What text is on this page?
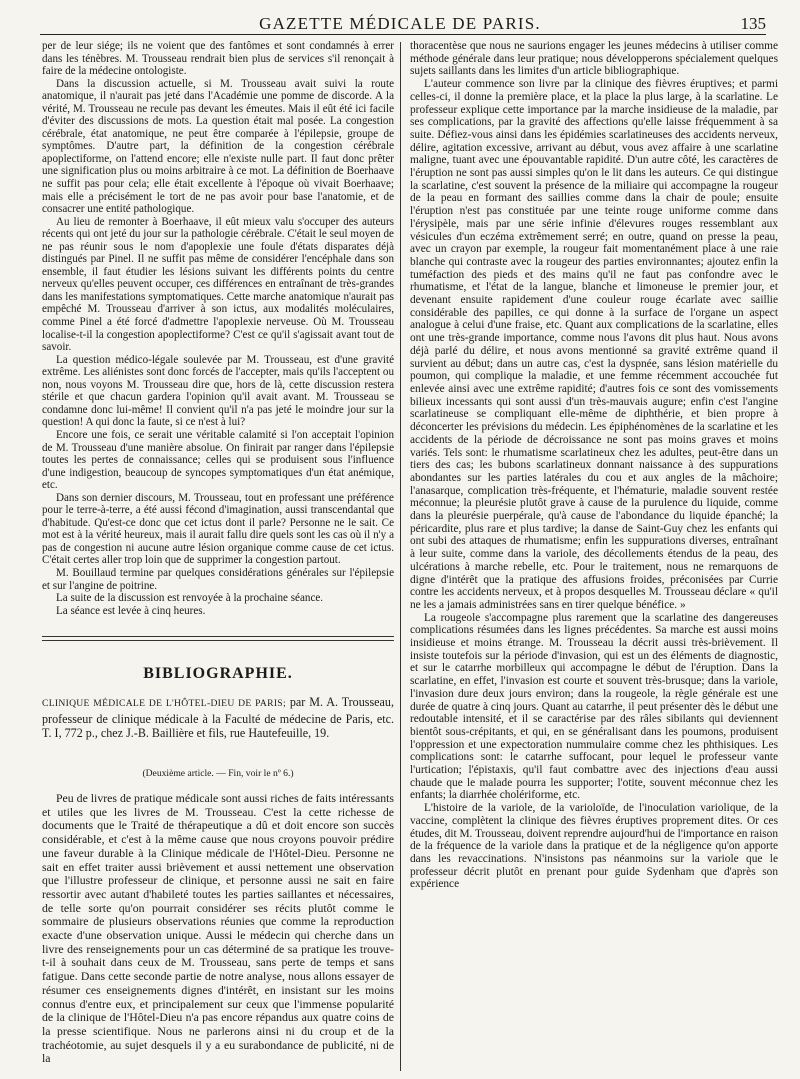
GAZETTE MÉDICALE DE PARIS.	135

per de leur siége; ils ne voient que des fantômes et sont condamnés à errer dans les ténèbres. M. Trousseau rendrait bien plus de services s'il renonçait à faire de la médecine ontologiste.

Dans la discussion actuelle, si M. Trousseau avait suivi la route anatomique, il n'aurait pas jeté dans l'Académie une pomme de discorde. A la vérité, M. Trousseau ne recule pas devant les émeutes. Mais il eût été ici facile d'éviter des discussions de mots. La question était mal posée. La congestion cérébrale, état anatomique, ne peut être comparée à l'épilepsie, groupe de symptômes. D'autre part, la définition de la congestion cérébrale apoplectiforme, on l'attend encore; elle n'existe nulle part. Il faut donc prêter une signification plus ou moins arbitraire à ce mot. La définition de Boerhaave ne suffit pas pour cela; elle était excellente à l'époque où vivait Boerhaave; mais elle a précisément le tort de ne pas avoir pour base l'anatomie, et de consacrer une entité pathologique.

Au lieu de remonter à Boerhaave, il eût mieux valu s'occuper des auteurs récents qui ont jeté du jour sur la pathologie cérébrale. C'était le seul moyen de ne pas réunir sous le nom d'apoplexie une foule d'états disparates déjà distingués par Pinel. Il ne suffit pas même de considérer l'encéphale dans son ensemble, il faut étudier les lésions suivant les différents points du centre nerveux qu'elles peuvent occuper, ces différences en entraînant de très-grandes dans les manifestations symptomatiques. Cette marche anatomique n'aurait pas empêché M. Trousseau d'arriver à son ictus, aux modalités moléculaires, comme Pinel a été forcé d'admettre l'apoplexie nerveuse. Où M. Trousseau localise-t-il la congestion apoplectiforme? C'est ce qu'il s'agissait avant tout de savoir.

La question médico-légale soulevée par M. Trousseau, est d'une gravité extrême. Les aliénistes sont donc forcés de l'accepter, mais qu'ils l'acceptent ou non, nous voyons M. Trousseau dire que, hors de là, cette discussion restera stérile et que chacun gardera l'opinion qu'il avait avant. M. Trousseau se condamne donc lui-même! Il convient qu'il n'a pas jeté le moindre jour sur la question! A qui donc la faute, si ce n'est à lui?

Encore une fois, ce serait une véritable calamité si l'on acceptait l'opinion de M. Trousseau d'une manière absolue. On finirait par ranger dans l'épilepsie toutes les pertes de connaissance; celles qui se produisent sous l'influence d'une indigestion, beaucoup de syncopes symptomatiques d'un état anémique, etc.

Dans son dernier discours, M. Trousseau, tout en professant une préférence pour le terre-à-terre, a été aussi fécond d'imagination, aussi transcendantal que d'habitude. Qu'est-ce donc que cet ictus dont il parle? Personne ne le sait. Ce mot est à la vérité heureux, mais il aurait fallu dire quels sont les cas où il n'y a pas de congestion ni aucune autre lésion organique comme cause de cet ictus. C'était certes aller trop loin que de supprimer la congestion partout.

M. Bouillaud termine par quelques considérations générales sur l'épilepsie et sur l'angine de poitrine.

La suite de la discussion est renvoyée à la prochaine séance.

La séance est levée à cinq heures.

BIBLIOGRAPHIE.
CLINIQUE MÉDICALE DE L'HÔTEL-DIEU DE PARIS; par M. A. Trousseau, professeur de clinique médicale à la Faculté de médecine de Paris, etc. T. I, 772 p., chez J.-B. Baillière et fils, rue Hautefeuille, 19.
(Deuxième article. — Fin, voir le nº 6.)

Peu de livres de pratique médicale sont aussi riches de faits intéressants et utiles que les livres de M. Trousseau. C'est la cette richesse de documents que le Traité de thérapeutique a dû et doit encore son succès considérable, et c'est à la même cause que nous croyons pouvoir prédire une faveur durable à la Clinique médicale de l'Hôtel-Dieu. Personne ne sait en effet traiter aussi brièvement et aussi nettement une observation que l'illustre professeur de clinique, et personne aussi ne sait en faire ressortir avec autant d'habileté toutes les parties saillantes et nécessaires, de telle sorte qu'on pourrait considérer ses récits plutôt comme le sommaire de plusieurs observations réunies que comme la reproduction exacte d'une observation unique. Aussi le médecin qui cherche dans un livre des renseignements pour un cas déterminé de sa pratique les trouve-t-il à souhait dans ceux de M. Trousseau, sans perte de temps et sans fatigue. Dans cette seconde partie de notre analyse, nous allons essayer de résumer ces enseignements dignes d'intérêt, en insistant sur les moins connus d'entre eux, et principalement sur ceux que l'immense popularité de la clinique de l'Hôtel-Dieu n'a pas encore répandus aux quatre coins de la presse scientifique. Nous ne parlerons ainsi ni du croup et de la trachéotomie, au sujet desquels il y a eu surabondance de publicité, ni de la

thoracentèse que nous ne saurions engager les jeunes médecins à utiliser comme méthode générale dans leur pratique; nous développerons spécialement quelques sujets saillants dans les limites d'un article bibliographique.

L'auteur commence son livre par la clinique des fièvres éruptives; et parmi celles-ci, il donne la première place, et la place la plus large, à la scarlatine. Le professeur explique cette importance par la marche insidieuse de la maladie, par ses complications, par la gravité des affections qu'elle laisse fréquemment à sa suite. Défiez-vous ainsi dans les épidémies scarlatineuses des accidents nerveux, délire, agitation excessive, arrivant au début, vous avez affaire à une scarlatine maligne, tuant avec une épouvantable rapidité. D'un autre côté, les caractères de l'éruption ne sont pas aussi simples qu'on le lit dans les auteurs. Ce qui distingue la scarlatine, c'est souvent la présence de la miliaire qui accompagne la rougeur de la peau en formant des saillies comme dans la chair de poule; ensuite l'éruption n'est pas constituée par une teinte rouge uniforme comme dans l'érysipèle, mais par une série infinie d'élevures rouges ressemblant aux vésicules d'un eczéma extrêmement serré; en outre, quand on presse la peau, avec un crayon par exemple, la rougeur fait momentanément place à une raie blanche qui contraste avec la rougeur des parties environnantes; ajoutez enfin la tuméfaction des pieds et des mains qu'il ne faut pas confondre avec le rhumatisme, et l'état de la langue, blanche et limoneuse le premier jour, et devenant ensuite rapidement d'une couleur rouge écarlate avec saillie considérable des papilles, ce qui donne à la surface de l'organe un aspect analogue à celui d'une fraise, etc. Quant aux complications de la scarlatine, elles ont une très-grande importance, comme nous l'avons dit plus haut. Nous avons déjà parlé du délire, et nous avons mentionné sa gravité extrême quand il survient au début; dans un autre cas, c'est la dyspnée, sans lésion matérielle du poumon, qui complique la maladie, et une femme récemment accouchée fut enlevée ainsi avec une extrême rapidité; d'autres fois ce sont des vomissements bilieux incessants qui sont aussi d'un très-mauvais augure; enfin c'est l'angine scarlatineuse se compliquant elle-même de diphthérie, et bien propre à déconcerter les prévisions du médecin. Les épiphénomènes de la scarlatine et les accidents de la période de décroissance ne sont pas moins graves et moins variés. Tels sont: le rhumatisme scarlatineux chez les adultes, peut-être dans un tiers des cas; les bubons scarlatineux donnant naissance à des suppurations abondantes sur les parties latérales du cou et aux angles de la mâchoire; l'anasarque, complication très-fréquente, et l'hématurie, maladie souvent restée méconnue; la pleurésie plutôt grave à cause de la purulence du liquide, comme dans la pleurésie puerpérale, qu'à cause de l'abondance du liquide épanché; la péricardite, plus rare et plus tardive; la danse de Saint-Guy chez les enfants qui ont subi des attaques de rhumatisme; enfin les suppurations diverses, entraînant à leur suite, comme dans la variole, des décollements étendus de la peau, des ulcérations à marche rebelle, etc. Pour le traitement, nous ne remarquons de digne d'intérêt que la pratique des affusions froides, préconisées par Currie contre les accidents nerveux, et à propos desquelles M. Trousseau déclare « qu'il ne les a jamais administrées sans en tirer quelque bénéfice. »

La rougeole s'accompagne plus rarement que la scarlatine des dangereuses complications résumées dans les lignes précédentes. Sa marche est aussi moins insidieuse et moins étrange. M. Trousseau la décrit aussi très-brièvement. Il insiste toutefois sur la période d'invasion, qui est un des éléments de diagnostic, et sur le catarrhe morbilleux qui accompagne le début de l'éruption. Dans la scarlatine, en effet, l'invasion est courte et souvent très-brusque; dans la variole, l'invasion dure deux jours environ; dans la rougeole, la règle générale est une durée de quatre à cinq jours. Quant au catarrhe, il peut présenter dès le début une redoutable intensité, et il se caractérise par des râles sibilants qui deviennent bientôt sous-crépitants, et qui, en se généralisant dans les poumons, produisent l'oppression et une expectoration nummulaire comme chez les phthisiques. Les complications sont: le catarrhe suffocant, pour lequel le professeur vante l'urtication; l'épistaxis, qu'il faut combattre avec des injections d'eau aussi chaude que le malade pourra les supporter; l'otite, souvent méconnue chez les enfants; la diarrhée cholériforme, etc.

L'histoire de la variole, de la varioloïde, de l'inoculation variolique, de la vaccine, complètent la clinique des fièvres éruptives proprement dites. Or ces études, dit M. Trousseau, doivent reprendre aujourd'hui de l'importance en raison de la fréquence de la variole dans la pratique et de la négligence qu'on apporte dans les revaccinations. N'insistons pas néanmoins sur la variole que le professeur décrit plutôt en prenant pour guide Sydenham que d'après son expérience
